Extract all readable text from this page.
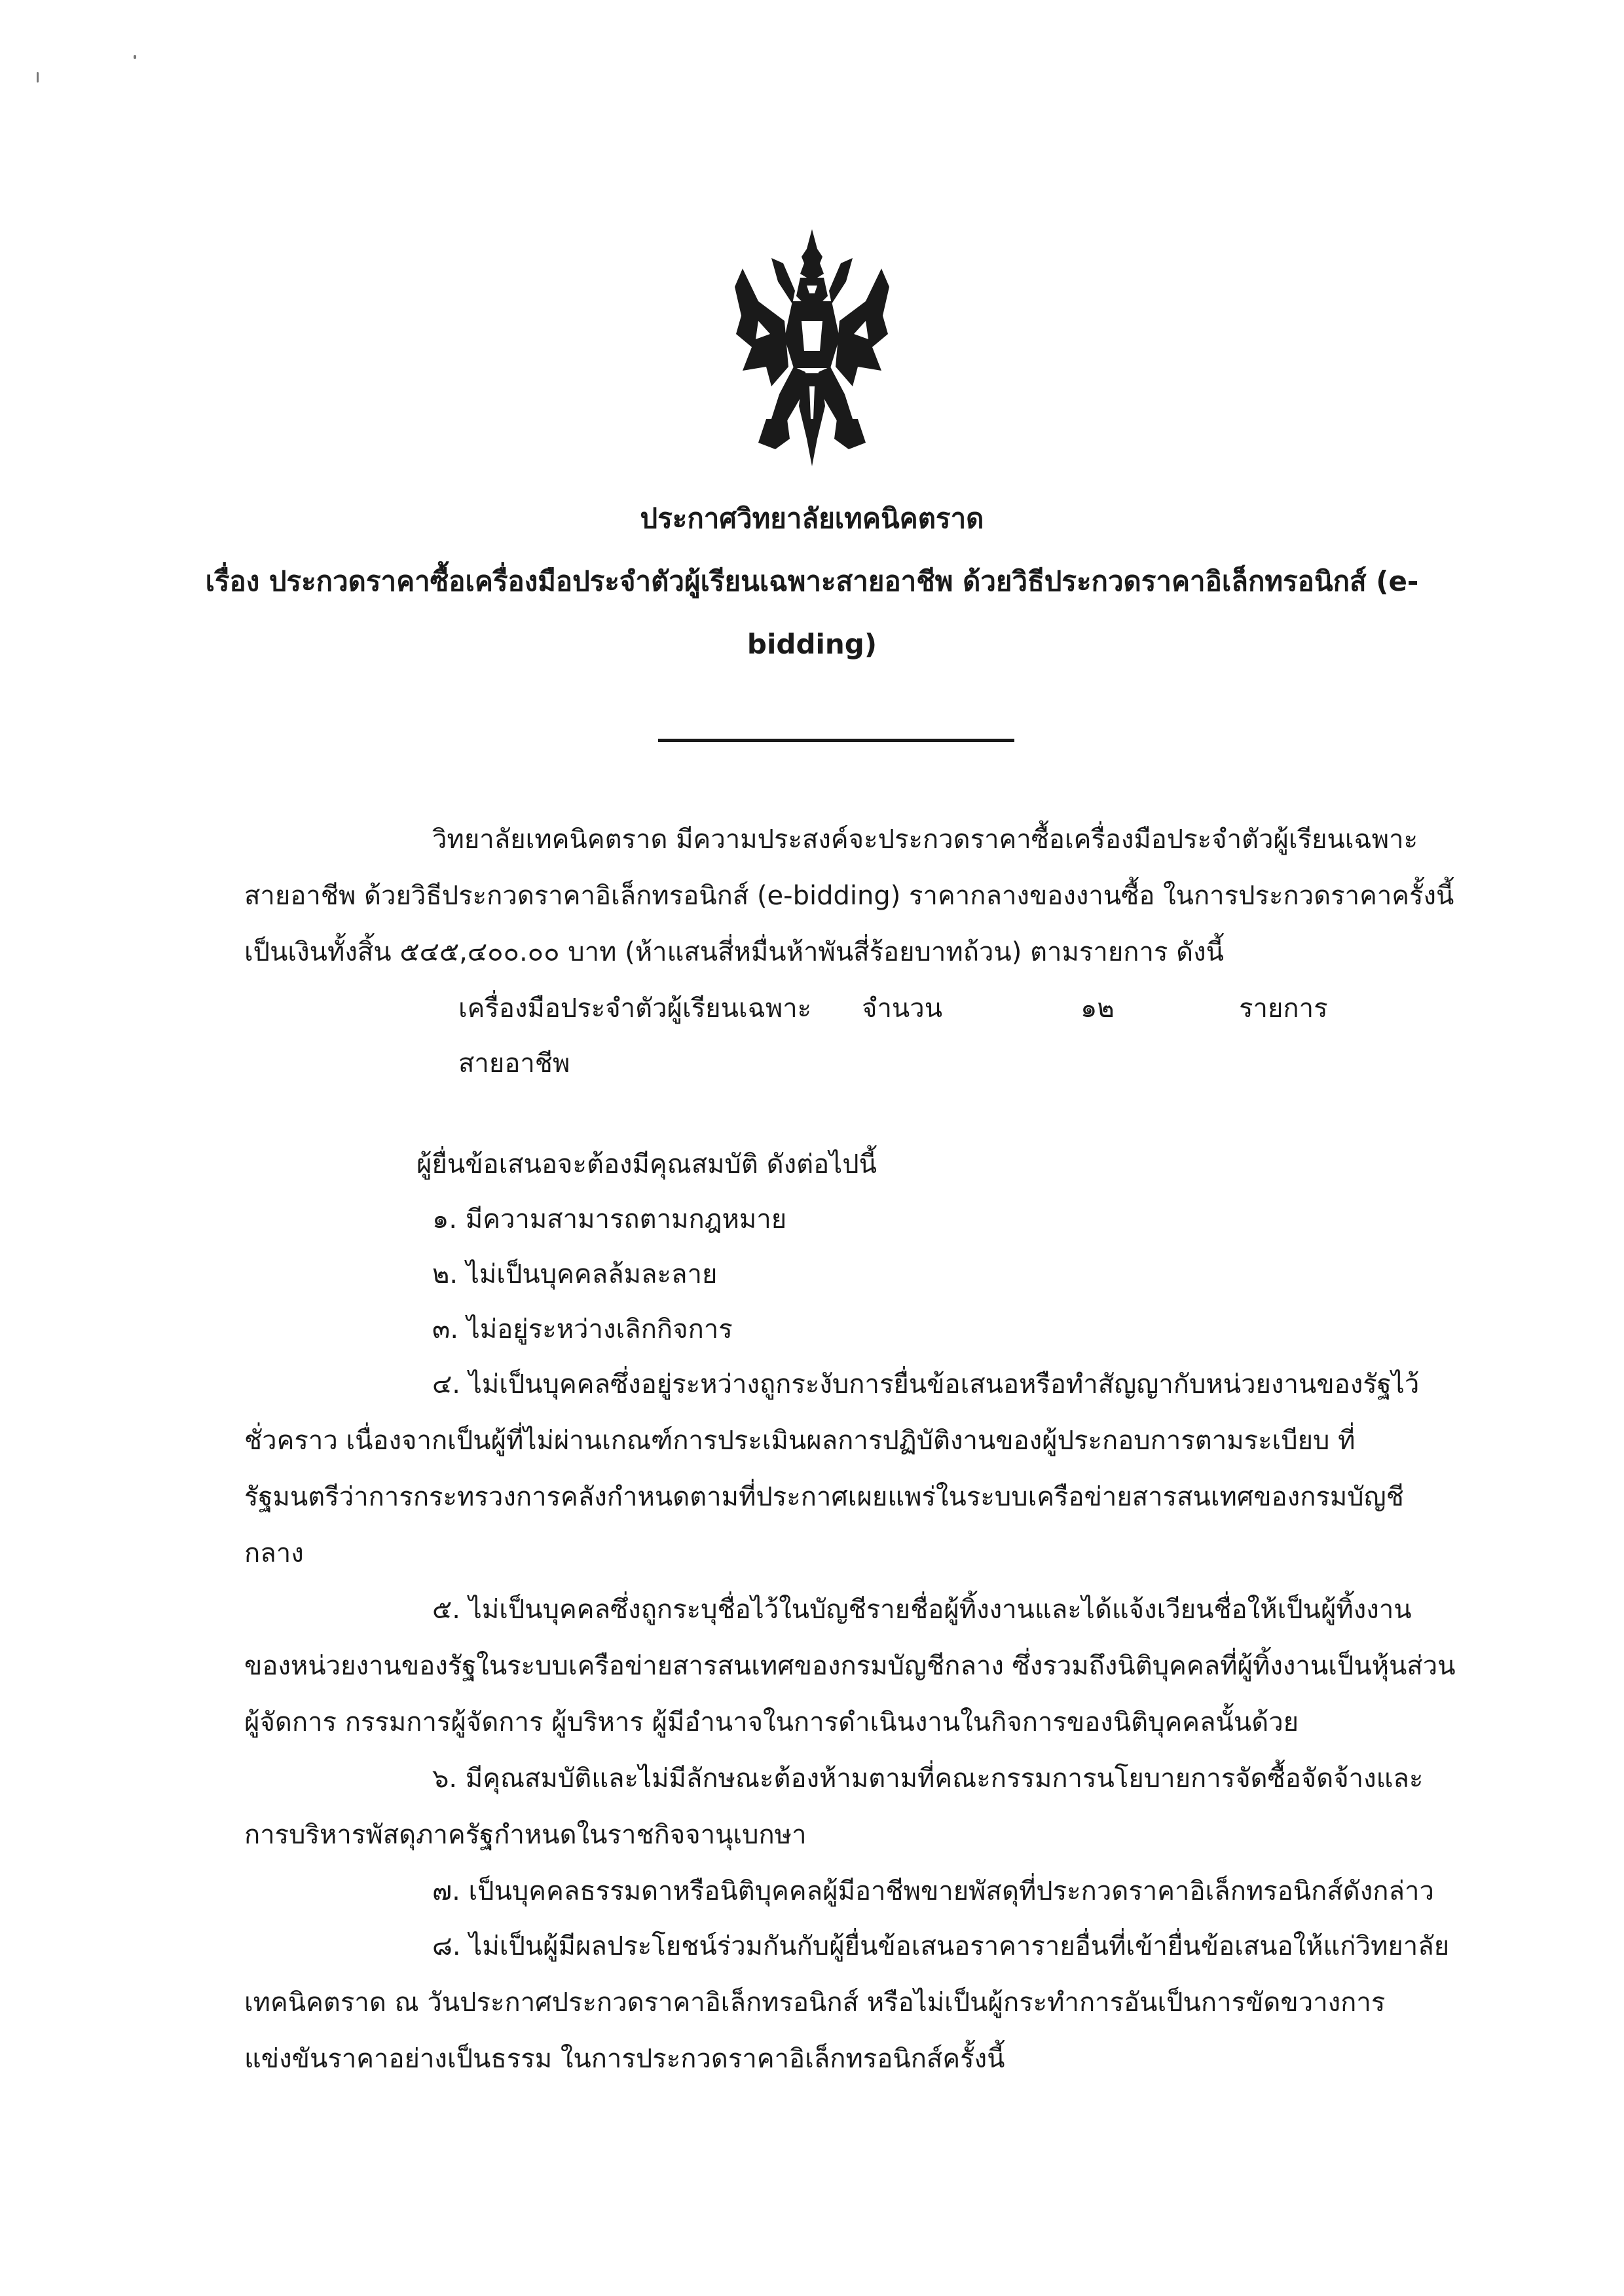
ประกาศวิทยาลัยเทคนิคตราด
เรื่อง ประกวดราคาซื้อเครื่องมือประจำตัวผู้เรียนเฉพาะสายอาชีพ ด้วยวิธีประกวดราคาอิเล็กทรอนิกส์ (e-
bidding)
วิทยาลัยเทคนิคตราด มีความประสงค์จะประกวดราคาซื้อเครื่องมือประจำตัวผู้เรียนเฉพาะ
สายอาชีพ ด้วยวิธีประกวดราคาอิเล็กทรอนิกส์ (e-bidding) ราคากลางของงานซื้อ ในการประกวดราคาครั้งนี้
เป็นเงินทั้งสิ้น ๕๔๕,๔๐๐.๐๐ บาท (ห้าแสนสี่หมื่นห้าพันสี่ร้อยบาทถ้วน) ตามรายการ ดังนี้
เครื่องมือประจำตัวผู้เรียนเฉพาะ จำนวน	๑๒	รายการ
สายอาชีพ
ผู้ยื่นข้อเสนอจะต้องมีคุณสมบัติ ดังต่อไปนี้
๑. มีความสามารถตามกฎหมาย
๒. ไม่เป็นบุคคลล้มละลาย
๓. ไม่อยู่ระหว่างเลิกกิจการ
๔. ไม่เป็นบุคคลซึ่งอยู่ระหว่างถูกระงับการยื่นข้อเสนอหรือทำสัญญากับหน่วยงานของรัฐไว้
ชั่วคราว เนื่องจากเป็นผู้ที่ไม่ผ่านเกณฑ์การประเมินผลการปฏิบัติงานของผู้ประกอบการตามระเบียบ ที่
รัฐมนตรีว่าการกระทรวงการคลังกำหนดตามที่ประกาศเผยแพร่ในระบบเครือข่ายสารสนเทศของกรมบัญชี
กลาง
๕. ไม่เป็นบุคคลซึ่งถูกระบุชื่อไว้ในบัญชีรายชื่อผู้ทิ้งงานและได้แจ้งเวียนชื่อให้เป็นผู้ทิ้งงาน
ของหน่วยงานของรัฐในระบบเครือข่ายสารสนเทศของกรมบัญชีกลาง ซึ่งรวมถึงนิติบุคคลที่ผู้ทิ้งงานเป็นหุ้นส่วน
ผู้จัดการ กรรมการผู้จัดการ ผู้บริหาร ผู้มีอำนาจในการดำเนินงานในกิจการของนิติบุคคลนั้นด้วย
๖. มีคุณสมบัติและไม่มีลักษณะต้องห้ามตามที่คณะกรรมการนโยบายการจัดซื้อจัดจ้างและ
การบริหารพัสดุภาครัฐกำหนดในราชกิจจานุเบกษา
๗. เป็นบุคคลธรรมดาหรือนิติบุคคลผู้มีอาชีพขายพัสดุที่ประกวดราคาอิเล็กทรอนิกส์ดังกล่าว
๘. ไม่เป็นผู้มีผลประโยชน์ร่วมกันกับผู้ยื่นข้อเสนอราคารายอื่นที่เข้ายื่นข้อเสนอให้แก่วิทยาลัย
เทคนิคตราด ณ วันประกาศประกวดราคาอิเล็กทรอนิกส์ หรือไม่เป็นผู้กระทำการอันเป็นการขัดขวางการ
แข่งขันราคาอย่างเป็นธรรม ในการประกวดราคาอิเล็กทรอนิกส์ครั้งนี้
